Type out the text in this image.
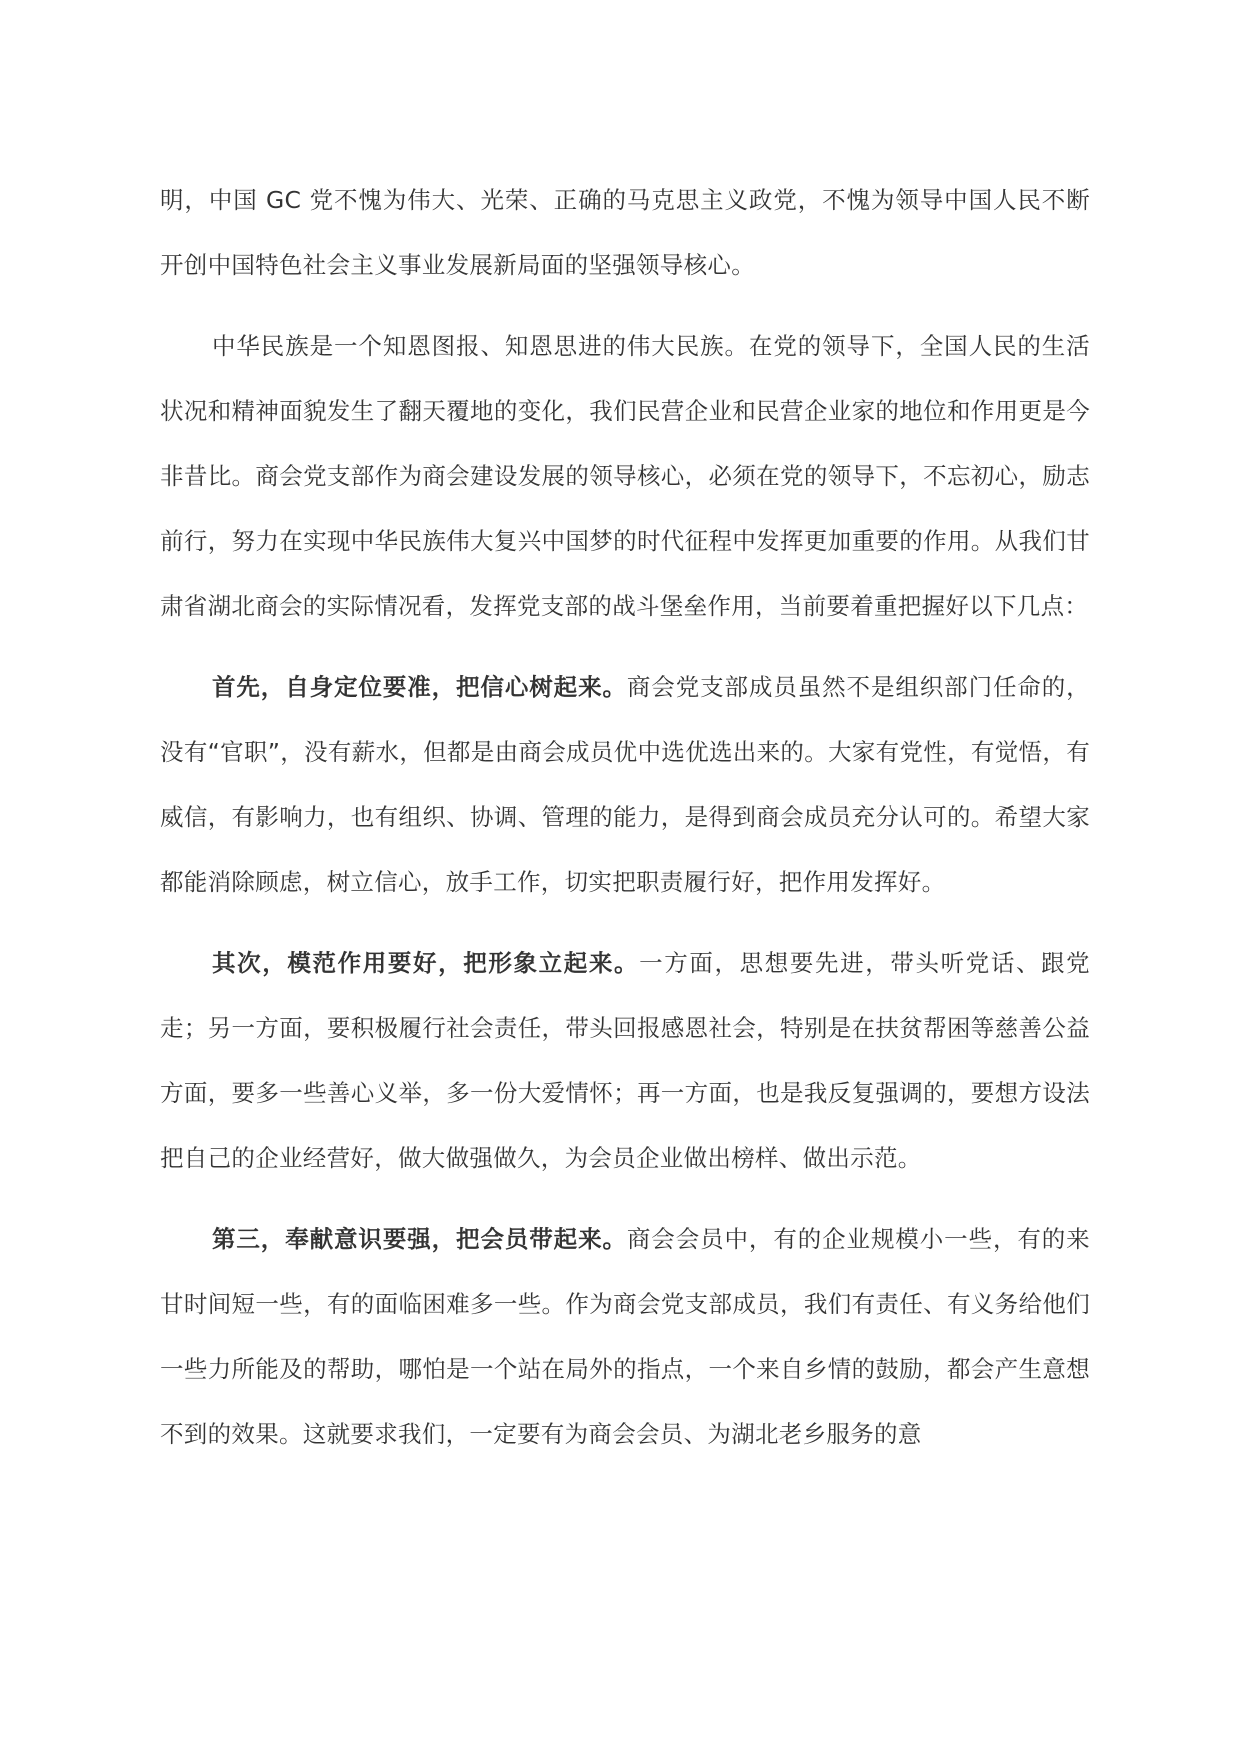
明，中国 GC 党不愧为伟大、光荣、正确的马克思主义政党，不愧为领导中国人民不断开创中国特色社会主义事业发展新局面的坚强领导核心。

中华民族是一个知恩图报、知恩思进的伟大民族。在党的领导下，全国人民的生活状况和精神面貌发生了翻天覆地的变化，我们民营企业和民营企业家的地位和作用更是今非昔比。商会党支部作为商会建设发展的领导核心，必须在党的领导下，不忘初心，励志前行，努力在实现中华民族伟大复兴中国梦的时代征程中发挥更加重要的作用。从我们甘肃省湖北商会的实际情况看，发挥党支部的战斗堡垒作用，当前要着重把握好以下几点：

首先，自身定位要准，把信心树起来。商会党支部成员虽然不是组织部门任命的，没有“官职”，没有薪水，但都是由商会成员优中选优选出来的。大家有党性，有觉悟，有威信，有影响力，也有组织、协调、管理的能力，是得到商会成员充分认可的。希望大家都能消除顾虑，树立信心，放手工作，切实把职责履行好，把作用发挥好。

其次，模范作用要好，把形象立起来。一方面，思想要先进，带头听党话、跟党走；另一方面，要积极履行社会责任，带头回报感恩社会，特别是在扶贫帮困等慈善公益方面，要多一些善心义举，多一份大爱情怀；再一方面，也是我反复强调的，要想方设法把自己的企业经营好，做大做强做久，为会员企业做出榜样、做出示范。

第三，奉献意识要强，把会员带起来。商会会员中，有的企业规模小一些，有的来甘时间短一些，有的面临困难多一些。作为商会党支部成员，我们有责任、有义务给他们一些力所能及的帮助，哪怕是一个站在局外的指点，一个来自乡情的鼓励，都会产生意想不到的效果。这就要求我们，一定要有为商会会员、为湖北老乡服务的意
